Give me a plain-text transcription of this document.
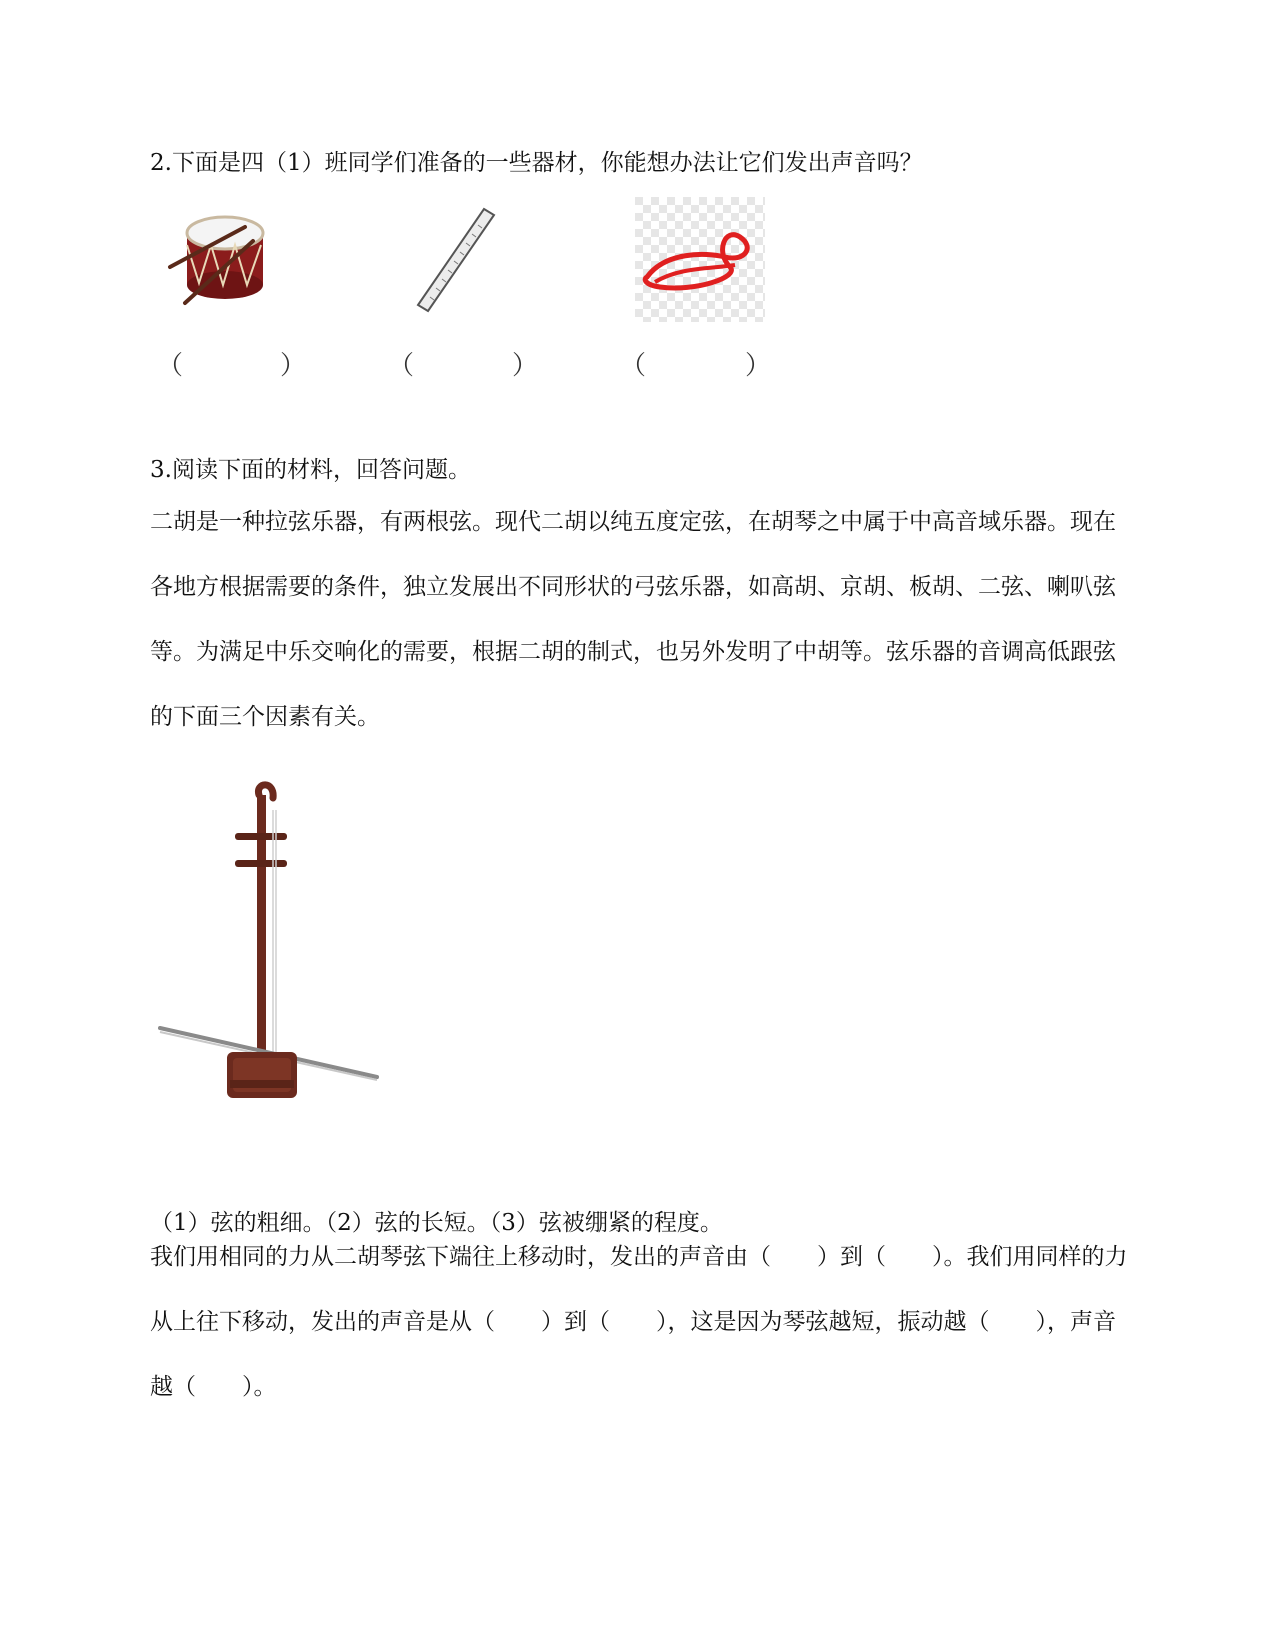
2.下面是四（1）班同学们准备的一些器材，你能想办法让它们发出声音吗？
（	）	（	）	（	）
3.阅读下面的材料，回答问题。
二胡是一种拉弦乐器，有两根弦。现代二胡以纯五度定弦，在胡琴之中属于中高音域乐器。现在各地方根据需要的条件，独立发展出不同形状的弓弦乐器，如高胡、京胡、板胡、二弦、喇叭弦等。为满足中乐交响化的需要，根据二胡的制式，也另外发明了中胡等。弦乐器的音调高低跟弦的下面三个因素有关。
（1）弦的粗细。（2）弦的长短。（3）弦被绷紧的程度。
我们用相同的力从二胡琴弦下端往上移动时，发出的声音由（　　）到（　　）。我们用同样的力从上往下移动，发出的声音是从（　　）到（　　），这是因为琴弦越短，振动越（　　），声音越（　　）。
